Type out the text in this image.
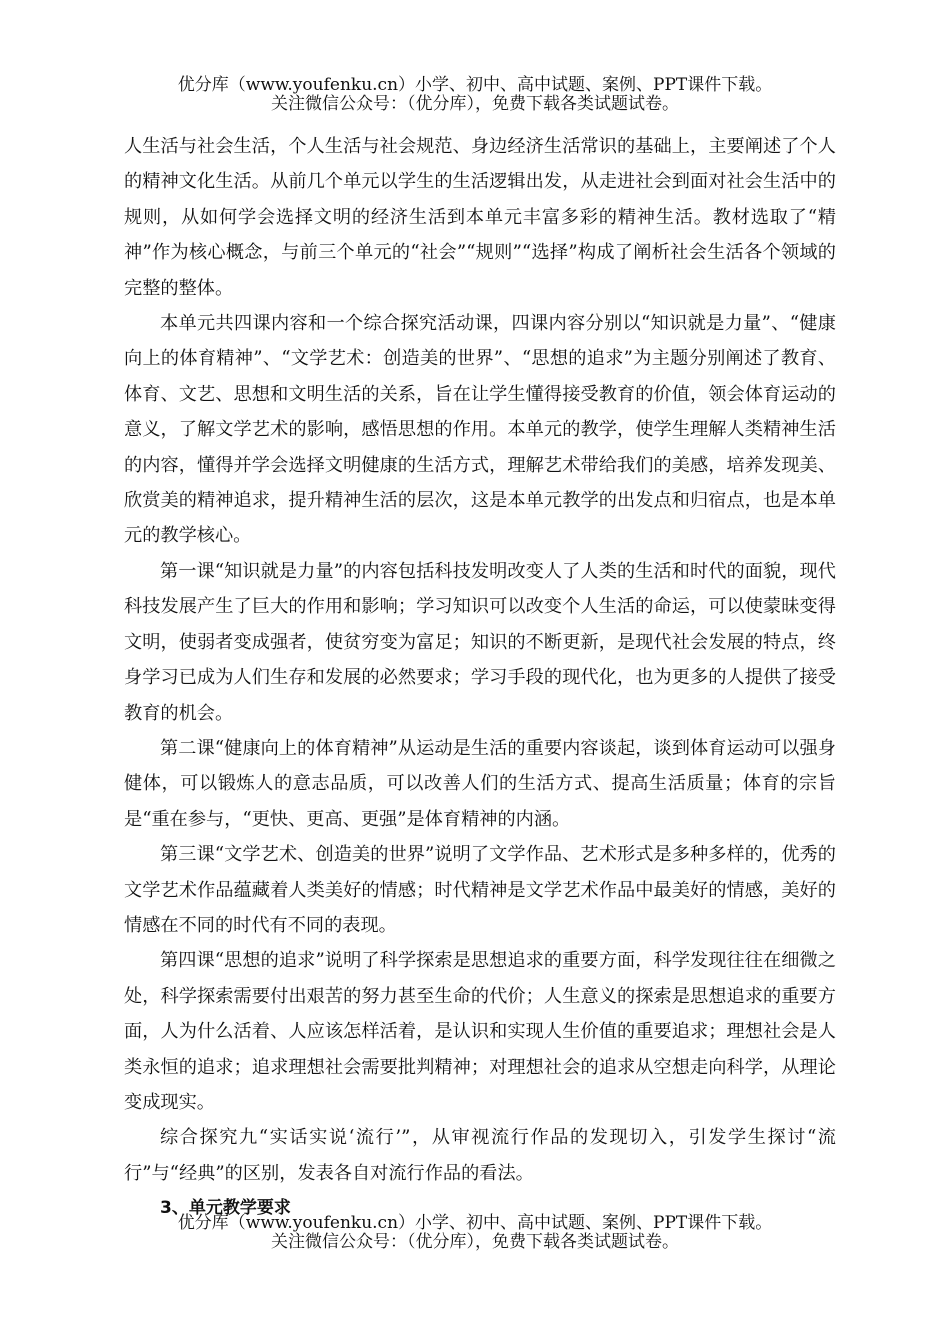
优分库（www.youfenku.cn）小学、初中、高中试题、案例、PPT课件下载。
关注微信公众号：（优分库），免费下载各类试题试卷。

人生活与社会生活，个人生活与社会规范、身边经济生活常识的基础上，主要阐述了个人的精神文化生活。从前几个单元以学生的生活逻辑出发，从走进社会到面对社会生活中的规则，从如何学会选择文明的经济生活到本单元丰富多彩的精神生活。教材选取了“精神”作为核心概念，与前三个单元的“社会”“规则”“选择”构成了阐析社会生活各个领域的完整的整体。

本单元共四课内容和一个综合探究活动课，四课内容分别以“知识就是力量”、“健康向上的体育精神”、“文学艺术：创造美的世界”、“思想的追求”为主题分别阐述了教育、体育、文艺、思想和文明生活的关系，旨在让学生懂得接受教育的价值，领会体育运动的意义，了解文学艺术的影响，感悟思想的作用。本单元的教学，使学生理解人类精神生活的内容，懂得并学会选择文明健康的生活方式，理解艺术带给我们的美感，培养发现美、欣赏美的精神追求，提升精神生活的层次，这是本单元教学的出发点和归宿点，也是本单元的教学核心。

第一课“知识就是力量”的内容包括科技发明改变人了人类的生活和时代的面貌，现代科技发展产生了巨大的作用和影响；学习知识可以改变个人生活的命运，可以使蒙昧变得文明，使弱者变成强者，使贫穷变为富足；知识的不断更新，是现代社会发展的特点，终身学习已成为人们生存和发展的必然要求；学习手段的现代化，也为更多的人提供了接受教育的机会。

第二课“健康向上的体育精神”从运动是生活的重要内容谈起，谈到体育运动可以强身健体，可以锻炼人的意志品质，可以改善人们的生活方式、提高生活质量；体育的宗旨是“重在参与，“更快、更高、更强”是体育精神的内涵。

第三课“文学艺术、创造美的世界”说明了文学作品、艺术形式是多种多样的，优秀的文学艺术作品蕴藏着人类美好的情感；时代精神是文学艺术作品中最美好的情感，美好的情感在不同的时代有不同的表现。

第四课“思想的追求”说明了科学探索是思想追求的重要方面，科学发现往往在细微之处，科学探索需要付出艰苦的努力甚至生命的代价；人生意义的探索是思想追求的重要方面，人为什么活着、人应该怎样活着，是认识和实现人生价值的重要追求；理想社会是人类永恒的追求；追求理想社会需要批判精神；对理想社会的追求从空想走向科学，从理论变成现实。

综合探究九“实话实说‘流行’”，从审视流行作品的发现切入，引发学生探讨“流行”与“经典”的区别，发表各自对流行作品的看法。

3、单元教学要求

优分库（www.youfenku.cn）小学、初中、高中试题、案例、PPT课件下载。
关注微信公众号：（优分库），免费下载各类试题试卷。
